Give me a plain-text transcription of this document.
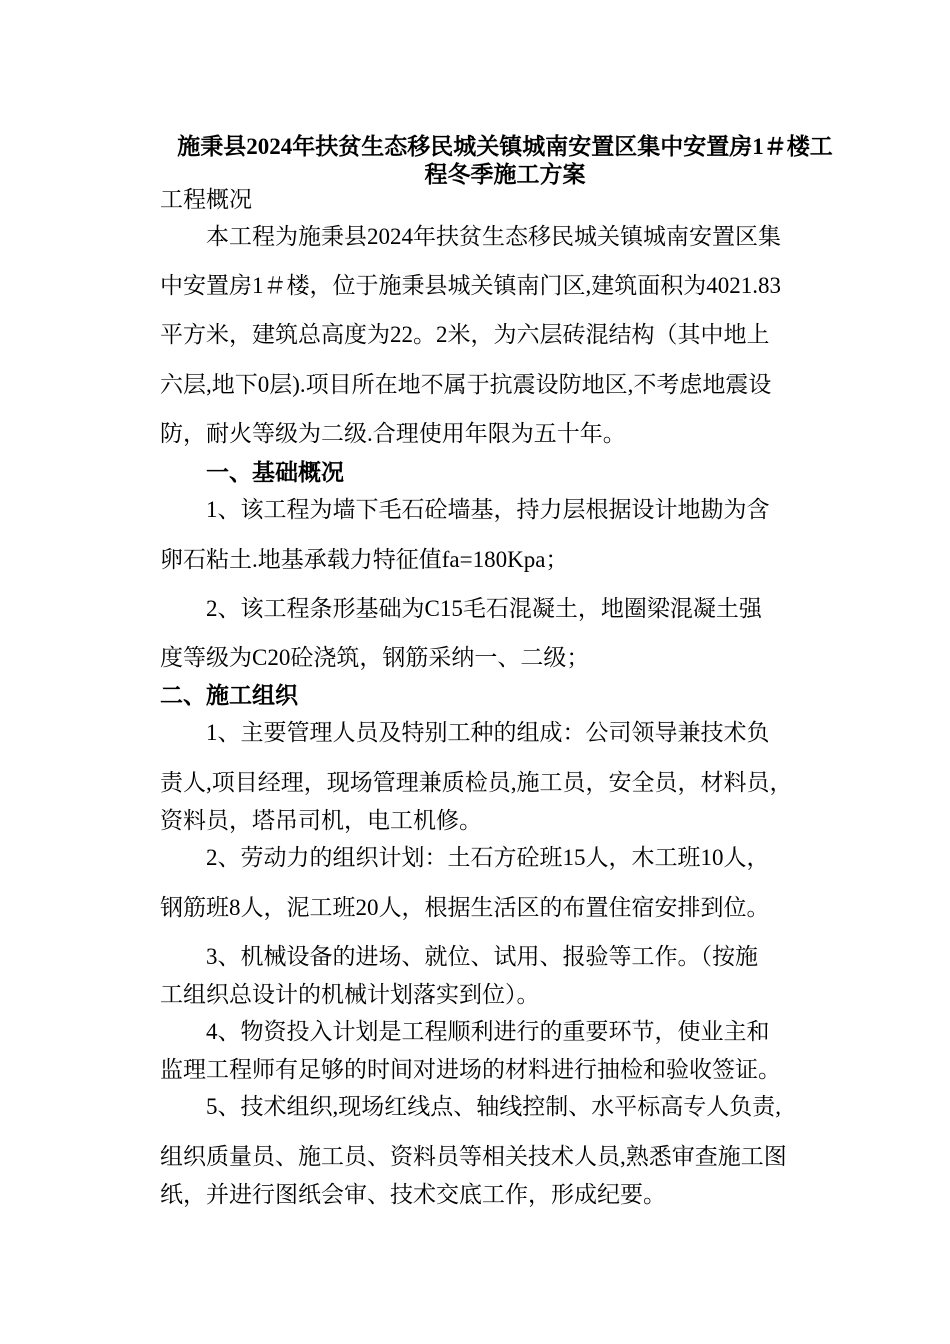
施秉县2024年扶贫生态移民城关镇城南安置区集中安置房1＃楼工
程冬季施工方案
工程概况
本工程为施秉县2024年扶贫生态移民城关镇城南安置区集
中安置房1＃楼，位于施秉县城关镇南门区,建筑面积为4021.83
平方米，建筑总高度为22。2米，为六层砖混结构（其中地上
六层,地下0层).项目所在地不属于抗震设防地区,不考虑地震设
防，耐火等级为二级.合理使用年限为五十年。
一、基础概况
1、该工程为墙下毛石砼墙基，持力层根据设计地勘为含
卵石粘土.地基承载力特征值fa=180Kpa；
2、该工程条形基础为C15毛石混凝土，地圈梁混凝土强
度等级为C20砼浇筑，钢筋采纳一、二级；
二、施工组织
1、主要管理人员及特别工种的组成：公司领导兼技术负
责人,项目经理，现场管理兼质检员,施工员，安全员，材料员，
资料员，塔吊司机，电工机修。
2、劳动力的组织计划：土石方砼班15人，木工班10人，
钢筋班8人，泥工班20人，根据生活区的布置住宿安排到位。
3、机械设备的进场、就位、试用、报验等工作。（按施
工组织总设计的机械计划落实到位）。
4、物资投入计划是工程顺利进行的重要环节，使业主和
监理工程师有足够的时间对进场的材料进行抽检和验收签证。
5、技术组织,现场红线点、轴线控制、水平标高专人负责,
组织质量员、施工员、资料员等相关技术人员,熟悉审查施工图
纸，并进行图纸会审、技术交底工作，形成纪要。
